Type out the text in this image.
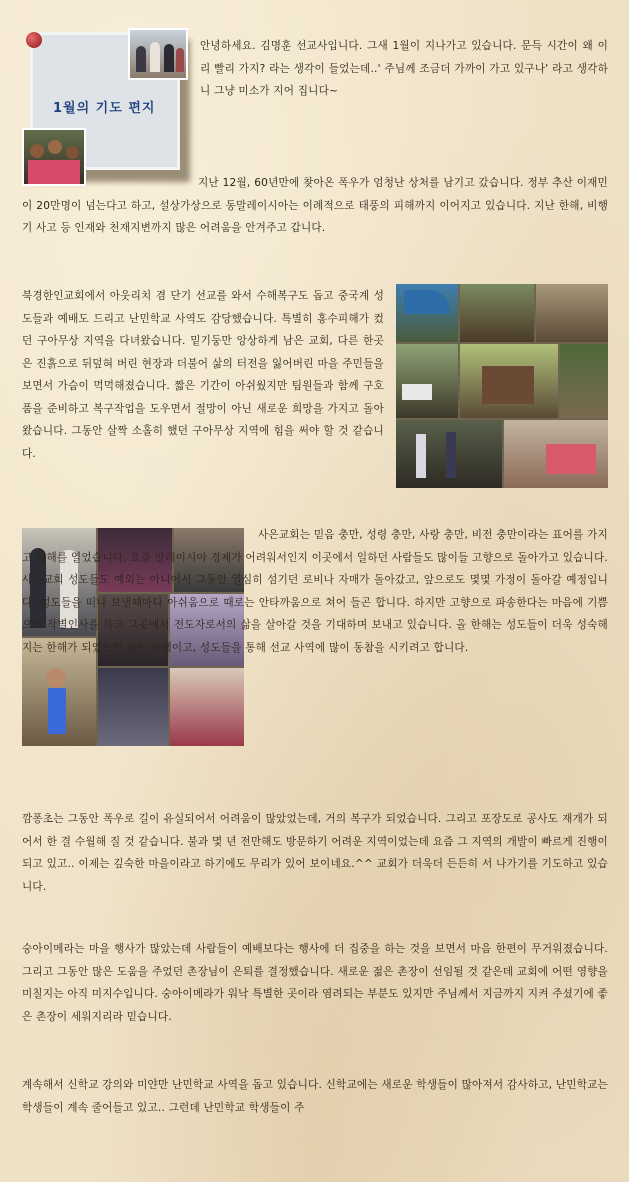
1월의 기도 편지

안녕하세요. 김명훈 선교사입니다. 그새 1월이 지나가고 있습니다. 문득 시간이 왜 이리 빨리 가지? 라는 생각이 들었는데..' 주님께 조금더 가까이 가고 있구나' 라고 생각하니 그냥 미소가 지어 집니다~

지난 12월, 60년만에 찾아온 폭우가 엄청난 상처를 남기고 갔습니다. 정부 추산 이재민이 20만명이 넘는다고 하고, 설상가상으로 동말레이시아는 이례적으로 태풍의 피해까지 이어지고 있습니다. 지난 한해, 비행기 사고 등 인재와 천재지변까지 많은 어려움을 안겨주고 갑니다.

북경한인교회에서 아웃리치 겸 단기 선교를 와서 수해복구도 돕고 중국계 성도들과 예배도 드리고 난민학교 사역도 감당했습니다. 특별히 홍수피해가 컸던 구아무상 지역을 다녀왔습니다. 밑기둥만 앙상하게 남은 교회, 다른 한곳은 진흙으로 뒤덮혀 버린 현장과 더불어 삶의 터전을 잃어버린 마을 주민들을 보면서 가슴이 먹먹해졌습니다. 짧은 기간이 아쉬웠지만 팀원들과 함께 구호품을 준비하고 복구작업을 도우면서 절망이 아닌 새로운 희망을 가지고 돌아왔습니다. 그동안 살짝 소홀히 했던 구아무상 지역에 힘을 써야 할 것 같습니다.

사은교회는 믿음 충만, 성령 충만, 사랑 충만, 비전 충만이라는 표어를 가지고 새해를 열었습니다. 요즘 말레이시아 경제가 어려워서인지 이곳에서 일하던 사람들도 많이들 고향으로 돌아가고 있습니다. 사은교회 성도들도 예외는 아니어서 그동안 열심히 섬기던 로비나 자매가 돌아갔고, 앞으로도 몇몇 가정이 돌아갈 예정입니다. 성도들을 떠나 보낼때마다 아쉬움으로 때로는 안타까움으로 쳐어 들곤 합니다. 하지만 고향으로 파송한다는 마음에 기쁨으로 작별인사를 하고 그곳에서 전도자로서의 삶을 살아갈 것을 기대하며 보내고 있습니다. 올 한해는 성도들이 더욱 성숙해지는 한해가 되었으면 하는 바램이고, 성도들을 통해 선교 사역에 많이 동참을 시키려고 합니다.

깜퐁초는 그동안 폭우로 길이 유실되어서 어려움이 많았었는데, 거의 복구가 되었습니다. 그리고 포장도로 공사도 재개가 되어서 한 결 수월해 질 것 같습니다. 불과 몇 년 전만해도 방문하기 어려운 지역이었는데 요즘 그 지역의 개발이 빠르게 진행이 되고 있고.. 이제는 깊숙한 마을이라고 하기에도 무리가 있어 보이네요.^^ 교회가 더욱더 든든히 서 나가기를 기도하고 있습니다.

숭아이메라는 마을 행사가 많았는데 사람들이 예배보다는 행사에 더 집중을 하는 것을 보면서 마음 한편이 무거워졌습니다. 그리고 그동안 많은 도움을 주었던 촌장님이 은퇴를 결정했습니다. 새로운 젊은 촌장이 선임될 것 같은데 교회에 어떤 영향을 미칠지는 아직 미지수입니다. 숭아이메라가 워낙 특별한 곳이라 염려되는 부분도 있지만 주님께서 지금까지 지켜 주셨기에 좋은 촌장이 세워지리라 믿습니다.

계속해서 신학교 강의와 미얀만 난민학교 사역을 돕고 있습니다. 신학교에는 새로운 학생들이 많아져서 감사하고, 난민학교는 학생들이 계속 줄어들고 있고.. 그런데 난민학교 학생들이 주
